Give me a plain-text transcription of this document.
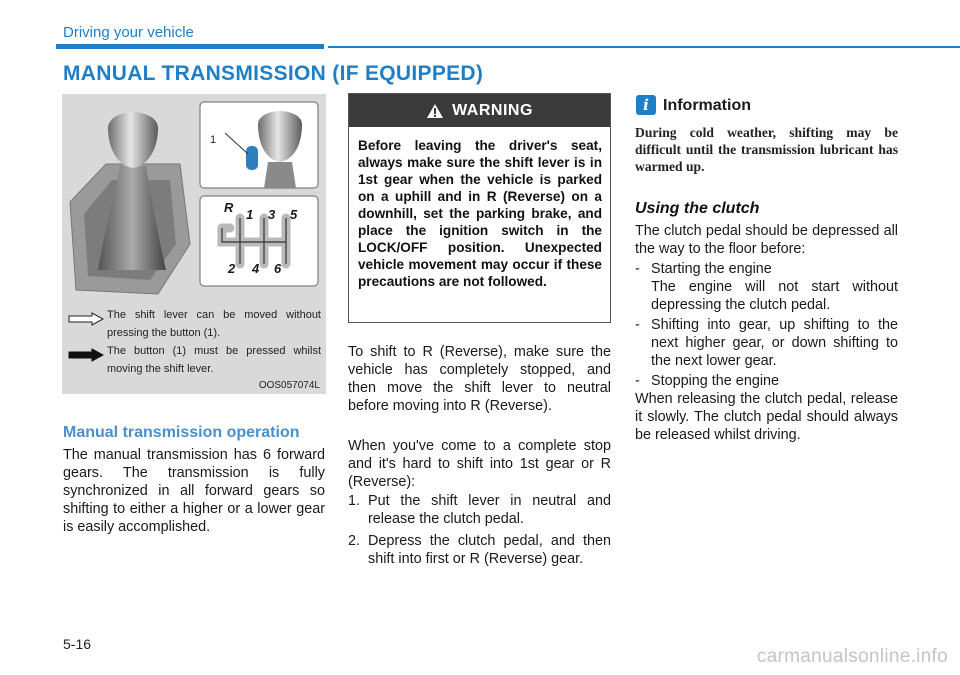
Driving your vehicle
MANUAL TRANSMISSION (IF EQUIPPED)
1
R 1 3 5
2 4 6
The shift lever can be moved without pressing the button (1).
The button (1) must be pressed whilst moving the shift lever.
OOS057074L
Manual transmission operation
The manual transmission has 6 forward gears. The transmission is fully synchronized in all forward gears so shifting to either a higher or a lower gear is easily accomplished.
WARNING
Before leaving the driver's seat, always make sure the shift lever is in 1st gear when the vehicle is parked on a uphill and in R (Reverse) on a downhill, set the parking brake, and place the ignition switch in the LOCK/OFF position. Unexpected vehicle movement may occur if these precautions are not followed.
To shift to R (Reverse), make sure the vehicle has completely stopped, and then move the shift lever to neutral before moving into R (Reverse).
When you've come to a complete stop and it's hard to shift into 1st gear or R (Reverse):
1. Put the shift lever in neutral and release the clutch pedal.
2. Depress the clutch pedal, and then shift into first or R (Reverse) gear.
i Information
During cold weather, shifting may be difficult until the transmission lubricant has warmed up.
Using the clutch
The clutch pedal should be depressed all the way to the floor before:
- Starting the engine
The engine will not start without depressing the clutch pedal.
- Shifting into gear, up shifting to the next higher gear, or down shifting to the next lower gear.
- Stopping the engine
When releasing the clutch pedal, release it slowly. The clutch pedal should always be released whilst driving.
5-16
carmanualsonline.info
